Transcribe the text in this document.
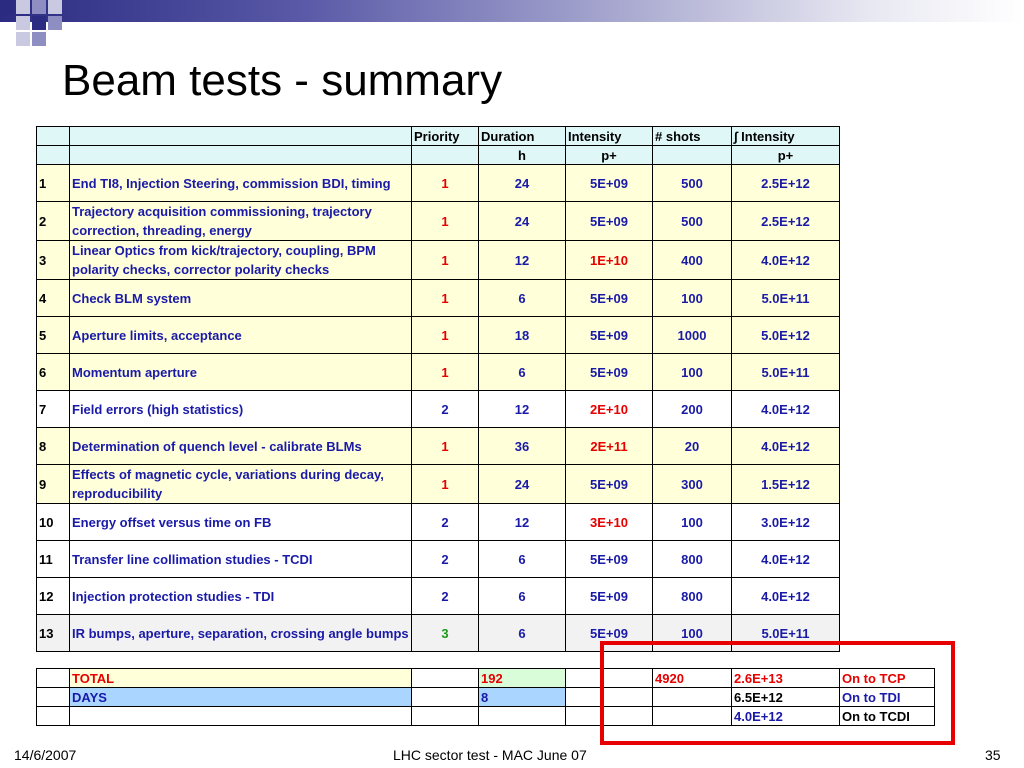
Beam tests - summary
		Priority	Duration	Intensity	# shots	∫ Intensity
			h	p+		p+
1	End TI8, Injection Steering, commission BDI, timing	1	24	5E+09	500	2.5E+12
2	Trajectory acquisition commissioning, trajectory correction, threading, energy	1	24	5E+09	500	2.5E+12
3	Linear Optics from kick/trajectory, coupling, BPM polarity checks, corrector polarity checks	1	12	1E+10	400	4.0E+12
4	Check BLM system	1	6	5E+09	100	5.0E+11
5	Aperture limits, acceptance	1	18	5E+09	1000	5.0E+12
6	Momentum aperture	1	6	5E+09	100	5.0E+11
7	Field errors (high statistics)	2	12	2E+10	200	4.0E+12
8	Determination of quench level - calibrate BLMs	1	36	2E+11	20	4.0E+12
9	Effects of magnetic cycle, variations during decay, reproducibility	1	24	5E+09	300	1.5E+12
10	Energy offset versus time on FB	2	12	3E+10	100	3.0E+12
11	Transfer line collimation studies - TCDI	2	6	5E+09	800	4.0E+12
12	Injection protection studies - TDI	2	6	5E+09	800	4.0E+12
13	IR bumps, aperture, separation, crossing angle bumps	3	6	5E+09	100	5.0E+11
	TOTAL		192		4920	2.6E+13	On to TCP
	DAYS		8			6.5E+12	On to TDI
						4.0E+12	On to TCDI
14/6/2007	LHC sector test - MAC June 07	35
